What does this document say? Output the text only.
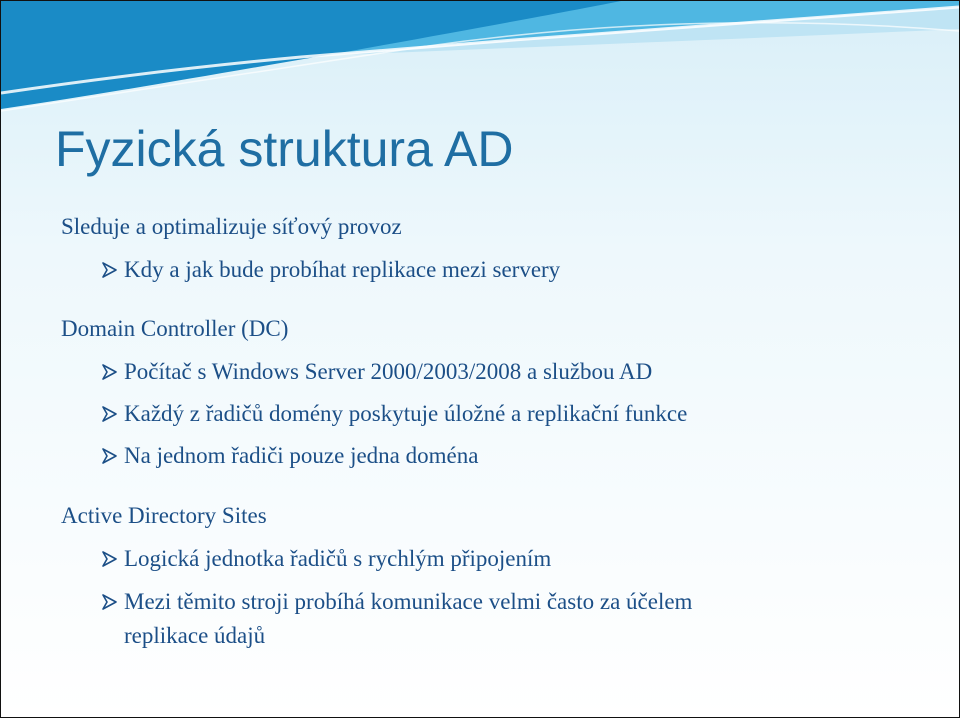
Fyzická struktura AD
Sleduje a optimalizuje síťový provoz
Kdy a jak bude probíhat replikace mezi servery
Domain Controller (DC)
Počítač s Windows Server 2000/2003/2008 a službou AD
Každý z řadičů domény poskytuje úložné a replikační funkce
Na jednom řadiči pouze jedna doména
Active Directory Sites
Logická jednotka řadičů s rychlým připojením
Mezi těmito stroji probíhá komunikace velmi často za účelem
replikace údajů
